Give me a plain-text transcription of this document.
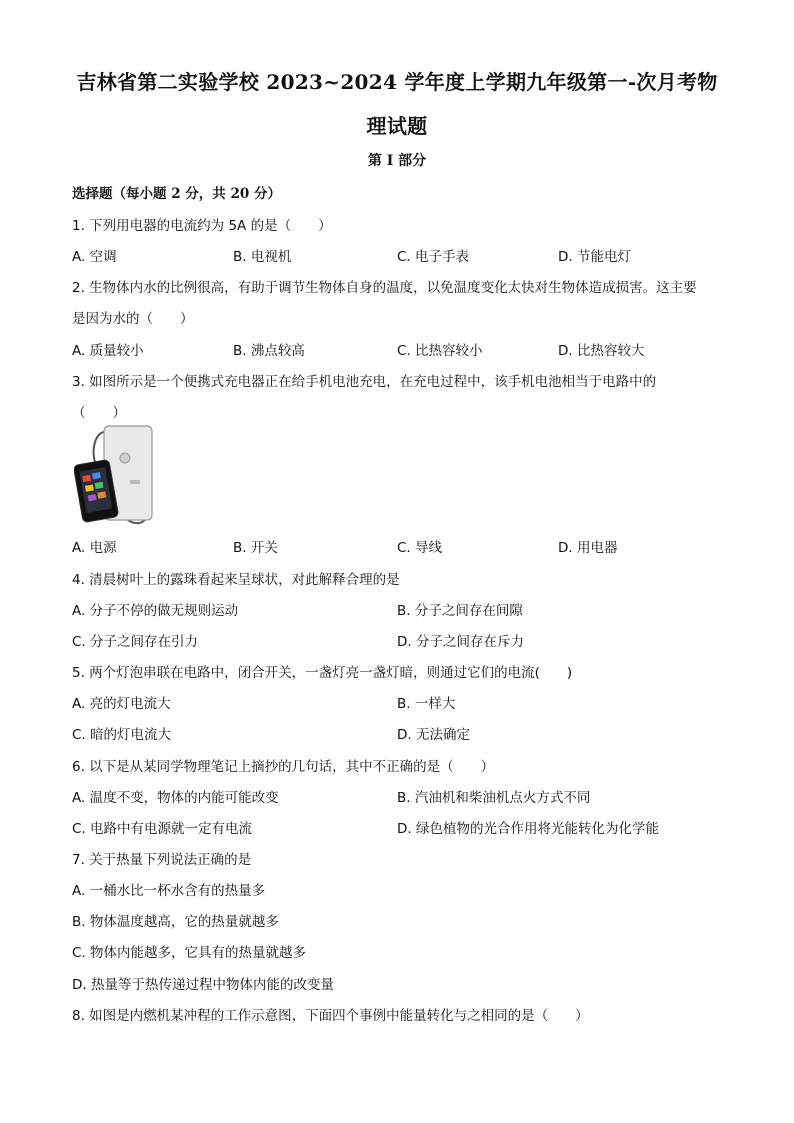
吉林省第二实验学校 2023~2024 学年度上学期九年级第一-次月考物
理试题
第 I 部分
选择题（每小题 2 分，共 20 分）
1. 下列用电器的电流约为 5A 的是（　　）
A. 空调	B. 电视机	C. 电子手表	D. 节能电灯
2. 生物体内水的比例很高，有助于调节生物体自身的温度，以免温度变化太快对生物体造成损害。这主要
是因为水的（　　）
A. 质量较小	B. 沸点较高	C. 比热容较小	D. 比热容较大
3. 如图所示是一个便携式充电器正在给手机电池充电，在充电过程中，该手机电池相当于电路中的
（　　）
A. 电源	B. 开关	C. 导线	D. 用电器
4. 清晨树叶上的露珠看起来呈球状，对此解释合理的是
A. 分子不停的做无规则运动	B. 分子之间存在间隙
C. 分子之间存在引力	D. 分子之间存在斥力
5. 两个灯泡串联在电路中，闭合开关，一盏灯亮一盏灯暗，则通过它们的电流(　　)
A. 亮的灯电流大	B. 一样大
C. 暗的灯电流大	D. 无法确定
6. 以下是从某同学物理笔记上摘抄的几句话，其中不正确的是（　　）
A. 温度不变，物体的内能可能改变	B. 汽油机和柴油机点火方式不同
C. 电路中有电源就一定有电流	D. 绿色植物的光合作用将光能转化为化学能
7. 关于热量下列说法正确的是
A. 一桶水比一杯水含有的热量多
B. 物体温度越高，它的热量就越多
C. 物体内能越多，它具有的热量就越多
D. 热量等于热传递过程中物体内能的改变量
8. 如图是内燃机某冲程的工作示意图，下面四个事例中能量转化与之相同的是（　　）
